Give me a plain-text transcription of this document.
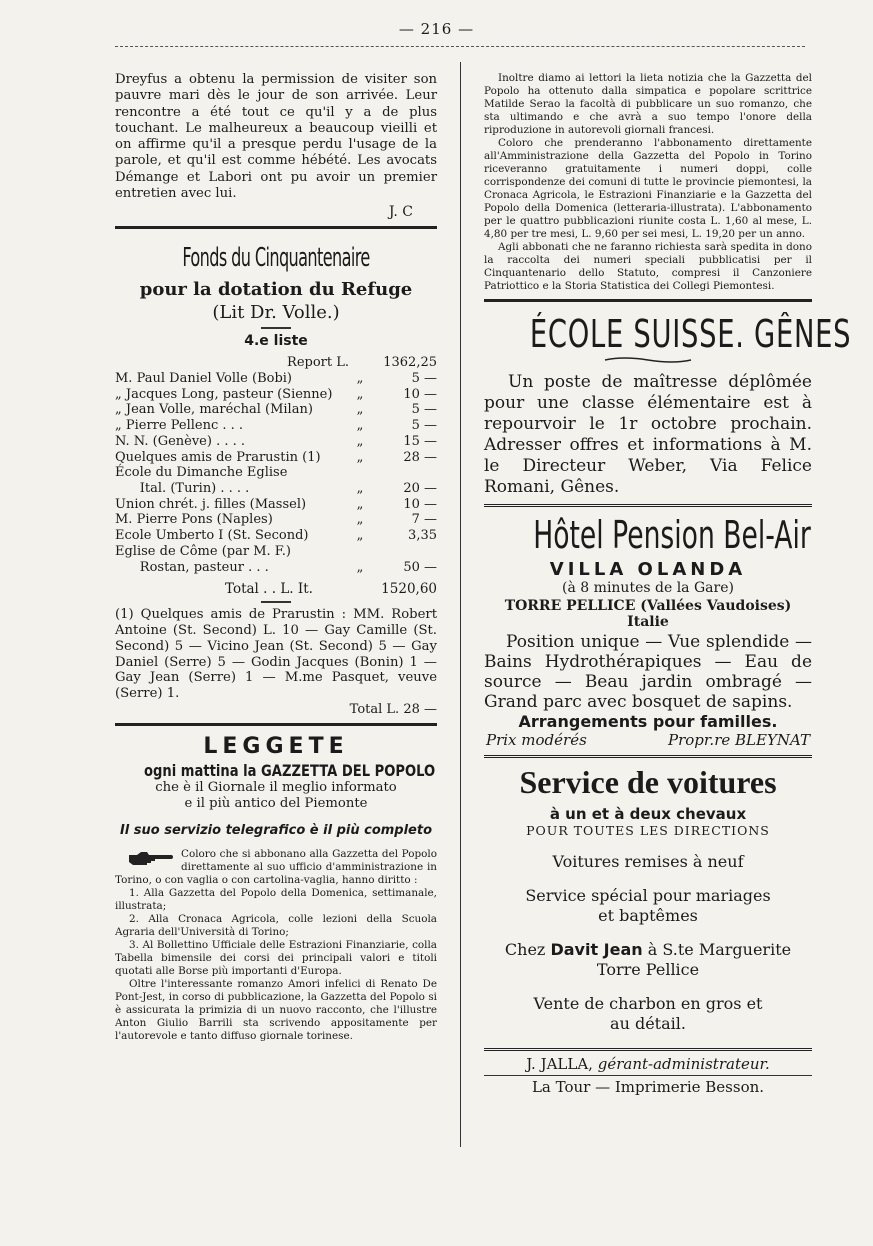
— 216 —

Dreyfus a obtenu la permission de visiter son pauvre mari dès le jour de son arrivée. Leur rencontre a été tout ce qu'il y a de plus touchant. Le malheureux a beaucoup vieilli et on affirme qu'il a presque perdu l'usage de la parole, et qu'il est comme hébété. Les avocats Démange et Labori ont pu avoir un premier entretien avec lui.

J. C
Fonds du Cinquantenaire

pour la dotation du Refuge

(Lit Dr. Volle.)

4.e liste
Report L.		1362,25
M. Paul Daniel Volle (Bobi)	„	5 —
„ Jacques Long, pasteur (Sienne)	„	10 —
„ Jean Volle, maréchal (Milan)	„	5 —
„ Pierre Pellenc . . .	„	5 —
N. N. (Genève) . . . .	„	15 —
Quelques amis de Prarustin (1)	„	28 —
École du Dimanche Eglise		
Ital. (Turin) . . . .	„	20 —
Union chrét. j. filles (Massel)	„	10 —
M. Pierre Pons (Naples)	„	7 —
Ecole Umberto I (St. Second)	„	3,35
Eglise de Côme (par M. F.)		
Rostan, pasteur . . .	„	50 —
Total . . L. It.	1520,60

(1) Quelques amis de Prarustin : MM. Robert Antoine (St. Second) L. 10 — Gay Camille (St. Second) 5 — Vicino Jean (St. Second) 5 — Gay Daniel (Serre) 5 — Godin Jacques (Bonin) 1 — Gay Jean (Serre) 1 — M.me Pasquet, veuve (Serre) 1.

Total L. 28 —
LEGGETE
ogni mattina la GAZZETTA DEL POPOLO

che è il Giornale il meglio informato

e il più antico del Piemonte

Il suo servizio telegrafico è il più completo

Coloro che si abbonano alla Gazzetta del Popolo direttamente al suo ufficio d'amministrazione in Torino, o con vaglia o con cartolina-vaglia, hanno diritto :

1. Alla Gazzetta del Popolo della Domenica, settimanale, illustrata;

2. Alla Cronaca Agricola, colle lezioni della Scuola Agraria dell'Università di Torino;

3. Al Bollettino Ufficiale delle Estrazioni Finanziarie, colla Tabella bimensile dei corsi dei principali valori e titoli quotati alle Borse più importanti d'Europa.

Oltre l'interessante romanzo Amori infelici di Renato De Pont-Jest, in corso di pubblicazione, la Gazzetta del Popolo si è assicurata la primizia di un nuovo racconto, che l'illustre Anton Giulio Barrili sta scrivendo appositamente per l'autorevole e tanto diffuso giornale torinese.

Inoltre diamo ai lettori la lieta notizia che la Gazzetta del Popolo ha ottenuto dalla simpatica e popolare scrittrice Matilde Serao la facoltà di pubblicare un suo romanzo, che sta ultimando e che avrà a suo tempo l'onore della riproduzione in autorevoli giornali francesi.

Coloro che prenderanno l'abbonamento direttamente all'Amministrazione della Gazzetta del Popolo in Torino riceveranno gratuitamente i numeri doppi, colle corrispondenze dei comuni di tutte le provincie piemontesi, la Cronaca Agricola, le Estrazioni Finanziarie e la Gazzetta del Popolo della Domenica (letteraria-illustrata). L'abbonamento per le quattro pubblicazioni riunite costa L. 1,60 al mese, L. 4,80 per tre mesi, L. 9,60 per sei mesi, L. 19,20 per un anno.

Agli abbonati che ne faranno richiesta sarà spedita in dono la raccolta dei numeri speciali pubblicatisi per il Cinquantenario dello Statuto, compresi il Canzoniere Patriottico e la Storia Statistica dei Collegi Piemontesi.

ÉCOLE SUISSE. GÊNES

Un poste de maîtresse déplômée pour une classe élémentaire est à repourvoir le 1r octobre prochain. Adresser offres et informations à M. le Directeur Weber, Via Felice Romani, Gênes.

Hôtel Pension Bel-Air
VILLA OLANDA
(à 8 minutes de la Gare)
TORRE PELLICE (Vallées Vaudoises) Italie

Position unique — Vue splendide — Bains Hydrothérapiques — Eau de source — Beau jardin ombragé — Grand parc avec bosquet de sapins.

Arrangements pour familles.
Prix modérés	Propr.re BLEYNAT
Service de voitures
à un et à deux chevaux
POUR TOUTES LES DIRECTIONS

Voitures remises à neuf

Service spécial pour mariages et baptêmes

Chez Davit Jean à S.te Marguerite

Torre Pellice

Vente de charbon en gros et au détail.

J. JALLA, gérant-administrateur.

La Tour — Imprimerie Besson.
